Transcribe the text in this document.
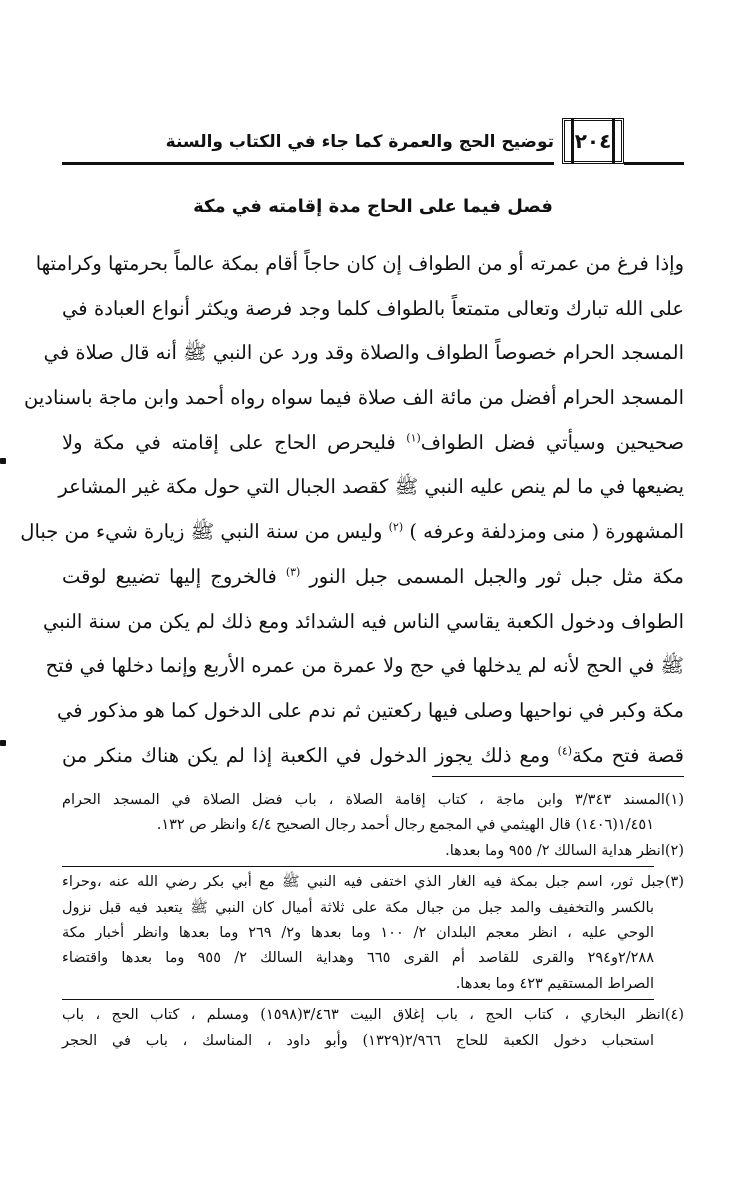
توضيح الحج والعمرة كما جاء في الكتاب والسنة ٢٠٤
فصل فيما على الحاج مدة إقامته في مكة
وإذا فرغ من عمرته أو من الطواف إن كان حاجاً أقام بمكة عالماً بحرمتها وكرامتها
على الله تبارك وتعالى متمتعاً بالطواف كلما وجد فرصة ويكثر أنواع العبادة في
المسجد الحرام خصوصاً الطواف والصلاة وقد ورد عن النبي ﷺ أنه قال صلاة في
المسجد الحرام أفضل من مائة الف صلاة فيما سواه رواه أحمد وابن ماجة باسنادين
صحيحين وسيأتي فضل الطواف$^{(١)}$ فليحرص الحاج على إقامته في مكة ولا
يضيعها في ما لم ينص عليه النبي ﷺ كقصد الجبال التي حول مكة غير المشاعر
المشهورة ( منى ومزدلفة وعرفه ) $^{(٢)}$ وليس من سنة النبي ﷺ زيارة شيء من جبال
مكة مثل جبل ثور والجبل المسمى جبل النور $^{(٣)}$ فالخروج إليها تضييع لوقت
الطواف ودخول الكعبة يقاسي الناس فيه الشدائد ومع ذلك لم يكن من سنة النبي
ﷺ في الحج لأنه لم يدخلها في حج ولا عمرة من عمره الأربع وإنما دخلها في فتح
مكة وكبر في نواحيها وصلى فيها ركعتين ثم ندم على الدخول كما هو مذكور في
قصة فتح مكة$^{(٤)}$ ومع ذلك يجوز الدخول في الكعبة إذا لم يكن هناك منكر من
(١)المسند ٣/٣٤٣ وابن ماجة ، كتاب إقامة الصلاة ، باب فضل الصلاة في المسجد الحرام
١/٤٥١(١٤٠٦) قال الهيثمي في المجمع رجال أحمد رجال الصحيح ٤/٤ وانظر ص ١٣٢.
(٢)انظر هداية السالك ٢/ ٩٥٥ وما بعدها.
(٣)جبل ثور، اسم جبل بمكة فيه الغار الذي اختفى فيه النبي ﷺ مع أبي بكر رضي الله عنه ،وحراء
بالكسر والتخفيف والمد جبل من جبال مكة على ثلاثة أميال كان النبي ﷺ يتعبد فيه قبل نزول
الوحي عليه ، انظر معجم البلدان ٢/ ١٠٠ وما بعدها و٢/ ٢٦٩ وما بعدها وانظر أخبار مكة
٢/٢٨٨و٢٩٤ والقرى للقاصد أم القرى ٦٦٥ وهداية السالك ٢/ ٩٥٥ وما بعدها واقتضاء
الصراط المستقيم ٤٢٣ وما بعدها.
(٤)انظر البخاري ، كتاب الحج ، باب إغلاق البيت ٣/٤٦٣(١٥٩٨) ومسلم ، كتاب الحج ، باب
استحباب دخول الكعبة للحاج ٢/٩٦٦(١٣٢٩) وأبو داود ، المناسك ، باب في الحجر
